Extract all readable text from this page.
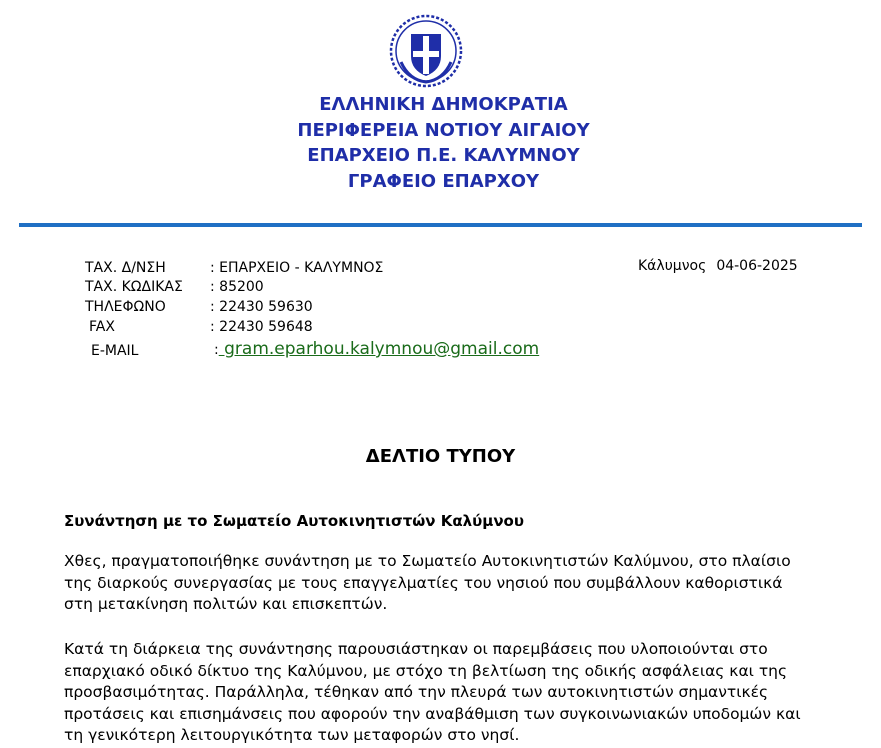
ΕΛΛΗΝΙΚΗ ΔΗΜΟΚΡΑΤΙΑ
ΠΕΡΙΦΕΡΕΙΑ ΝΟΤΙΟΥ ΑΙΓΑΙΟΥ
ΕΠΑΡΧΕΙΟ Π.Ε. ΚΑΛΥΜΝΟΥ
ΓΡΑΦΕΙΟ ΕΠΑΡΧΟΥ
ΤΑΧ. Δ/ΝΣΗ	: ΕΠΑΡΧΕΙΟ - ΚΑΛΥΜΝΟΣ
ΤΑΧ. ΚΩΔΙΚΑΣ : 85200
ΤΗΛΕΦΩΝΟ	: 22430 59630
FAX	: 22430 59648
E-MAIL	: gram.eparhou.kalymnou@gmail.com
Κάλυμνος 04-06-2025
ΔΕΛΤΙΟ ΤΥΠΟΥ
Συνάντηση με το Σωματείο Αυτοκινητιστών Καλύμνου

Χθες, πραγματοποιήθηκε συνάντηση με το Σωματείο Αυτοκινητιστών Καλύμνου, στο πλαίσιο της διαρκούς συνεργασίας με τους επαγγελματίες του νησιού που συμβάλλουν καθοριστικά στη μετακίνηση πολιτών και επισκεπτών.

Κατά τη διάρκεια της συνάντησης παρουσιάστηκαν οι παρεμβάσεις που υλοποιούνται στο επαρχιακό οδικό δίκτυο της Καλύμνου, με στόχο τη βελτίωση της οδικής ασφάλειας και της προσβασιμότητας. Παράλληλα, τέθηκαν από την πλευρά των αυτοκινητιστών σημαντικές προτάσεις και επισημάνσεις που αφορούν την αναβάθμιση των συγκοινωνιακών υποδομών και τη γενικότερη λειτουργικότητα των μεταφορών στο νησί.
